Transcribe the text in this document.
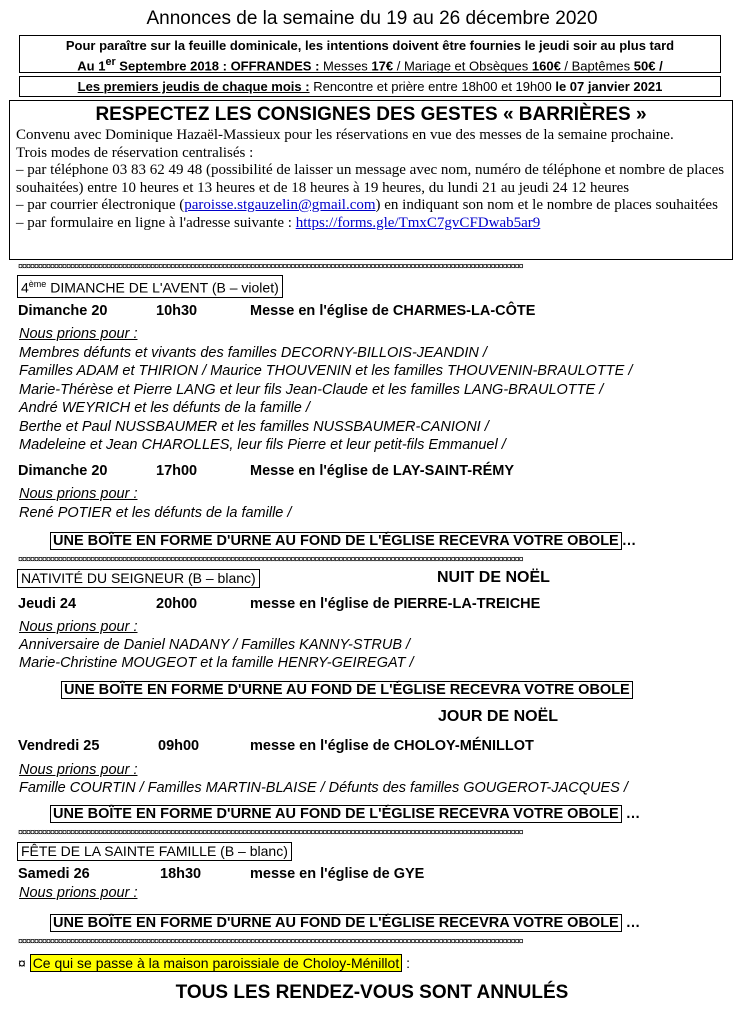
Annonces de la semaine du 19 au 26 décembre 2020
Pour paraître sur la feuille dominicale, les intentions doivent être fournies le jeudi soir au plus tard
Au 1er Septembre 2018 : OFFRANDES : Messes 17€ / Mariage et Obsèques 160€ / Baptêmes 50€ /
Les premiers jeudis de chaque mois : Rencontre et prière entre 18h00 et 19h00 le 07 janvier 2021
RESPECTEZ LES CONSIGNES DES GESTES « BARRIÈRES »
Convenu avec Dominique Hazaël-Massieux pour les réservations en vue des messes de la semaine prochaine.
Trois modes de réservation centralisés :
– par téléphone 03 83 62 49 48 (possibilité de laisser un message avec nom, numéro de téléphone et nombre de places souhaitées) entre 10 heures et 13 heures et de 18 heures à 19 heures, du lundi 21 au jeudi 24 12 heures
– par courrier électronique (paroisse.stgauzelin@gmail.com) en indiquant son nom et le nombre de places souhaitées
– par formulaire en ligne à l'adresse suivante : https://forms.gle/TmxC7gvCFDwab5ar9
¤¤¤¤¤¤¤¤¤¤¤¤¤¤¤¤¤¤¤¤¤¤¤¤¤¤¤¤¤¤¤¤¤¤¤¤¤¤¤¤¤¤¤¤¤¤¤¤¤¤¤¤¤¤¤¤¤¤¤¤¤¤¤¤¤¤¤¤¤¤¤¤¤¤¤¤¤¤¤¤¤¤¤¤¤¤¤¤¤¤¤¤¤¤¤¤¤¤¤¤¤¤¤¤¤¤¤¤¤¤¤¤¤¤¤¤¤¤¤¤¤¤¤¤¤¤
4ème DIMANCHE DE L'AVENT (B – violet)
Dimanche 20	10h30	Messe en l'église de CHARMES-LA-CÔTE
Nous prions pour :
Membres défunts et vivants des familles DECORNY-BILLOIS-JEANDIN /
Familles ADAM et THIRION / Maurice THOUVENIN et les familles THOUVENIN-BRAULOTTE /
Marie-Thérèse et Pierre LANG et leur fils Jean-Claude et les familles LANG-BRAULOTTE /
André WEYRICH et les défunts de la famille /
Berthe et Paul NUSSBAUMER et les familles NUSSBAUMER-CANIONI /
Madeleine et Jean CHAROLLES, leur fils Pierre et leur petit-fils Emmanuel /
Dimanche 20	17h00	Messe en l'église de LAY-SAINT-RÉMY
Nous prions pour :
René POTIER et les défunts de la famille /
UNE BOÎTE EN FORME D'URNE AU FOND DE L'ÉGLISE RECEVRA VOTRE OBOLE …
¤¤¤¤¤¤¤¤¤¤¤¤¤¤¤¤¤¤¤¤¤¤¤¤¤¤¤¤¤¤¤¤¤¤¤¤¤¤¤¤¤¤¤¤¤¤¤¤¤¤¤¤¤¤¤¤¤¤¤¤¤¤¤¤¤¤¤¤¤¤¤¤¤¤¤¤¤¤¤¤¤¤¤¤¤¤¤¤¤¤¤¤¤¤¤¤¤¤¤¤¤¤¤¤¤¤¤¤¤¤¤¤¤¤¤¤¤¤¤¤¤¤¤¤¤¤
NATIVITÉ DU SEIGNEUR (B – blanc)	NUIT DE NOËL
Jeudi 24	20h00	messe en l'église de PIERRE-LA-TREICHE
Nous prions pour :
Anniversaire de Daniel NADANY / Familles KANNY-STRUB /
Marie-Christine MOUGEOT et la famille HENRY-GEIREGAT /
UNE BOÎTE EN FORME D'URNE AU FOND DE L'ÉGLISE RECEVRA VOTRE OBOLE
JOUR DE NOËL
Vendredi 25	09h00	messe en l'église de CHOLOY-MÉNILLOT
Nous prions pour :
Famille COURTIN / Familles MARTIN-BLAISE / Défunts des familles GOUGEROT-JACQUES /
UNE BOÎTE EN FORME D'URNE AU FOND DE L'ÉGLISE RECEVRA VOTRE OBOLE …
¤¤¤¤¤¤¤¤¤¤¤¤¤¤¤¤¤¤¤¤¤¤¤¤¤¤¤¤¤¤¤¤¤¤¤¤¤¤¤¤¤¤¤¤¤¤¤¤¤¤¤¤¤¤¤¤¤¤¤¤¤¤¤¤¤¤¤¤¤¤¤¤¤¤¤¤¤¤¤¤¤¤¤¤¤¤¤¤¤¤¤¤¤¤¤¤¤¤¤¤¤¤¤¤¤¤¤¤¤¤¤¤¤¤¤¤¤¤¤¤¤¤¤¤¤¤
FÊTE DE LA SAINTE FAMILLE (B – blanc)
Samedi 26	18h30	messe en l'église de GYE
Nous prions pour :
UNE BOÎTE EN FORME D'URNE AU FOND DE L'ÉGLISE RECEVRA VOTRE OBOLE …
¤¤¤¤¤¤¤¤¤¤¤¤¤¤¤¤¤¤¤¤¤¤¤¤¤¤¤¤¤¤¤¤¤¤¤¤¤¤¤¤¤¤¤¤¤¤¤¤¤¤¤¤¤¤¤¤¤¤¤¤¤¤¤¤¤¤¤¤¤¤¤¤¤¤¤¤¤¤¤¤¤¤¤¤¤¤¤¤¤¤¤¤¤¤¤¤¤¤¤¤¤¤¤¤¤¤¤¤¤¤¤¤¤¤¤¤¤¤¤¤¤¤¤¤¤¤
¤ Ce qui se passe à la maison paroissiale de Choloy-Ménillot :
TOUS LES RENDEZ-VOUS SONT ANNULÉS
